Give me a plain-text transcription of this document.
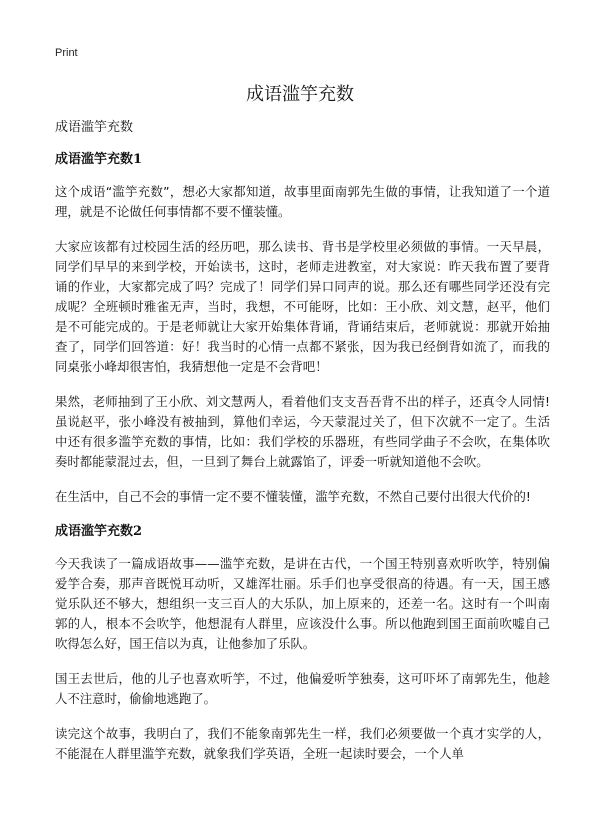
Print
成语滥竽充数

成语滥竽充数

成语滥竽充数1

这个成语“滥竽充数”，想必大家都知道，故事里面南郭先生做的事情，让我知道了一个道理，就是不论做任何事情都不要不懂装懂。

大家应该都有过校园生活的经历吧，那么读书、背书是学校里必须做的事情。一天早晨，同学们早早的来到学校，开始读书，这时，老师走进教室，对大家说：昨天我布置了要背诵的作业，大家都完成了吗？完成了！同学们异口同声的说。那么还有哪些同学还没有完成呢？全班顿时雅雀无声，当时，我想，不可能呀，比如：王小欣、刘文慧，赵平，他们是不可能完成的。于是老师就让大家开始集体背诵，背诵结束后，老师就说：那就开始抽查了，同学们回答道：好！我当时的心情一点都不紧张，因为我已经倒背如流了，而我的同桌张小峰却很害怕，我猜想他一定是不会背吧！

果然，老师抽到了王小欣、刘文慧两人，看着他们支支吾吾背不出的样子，还真令人同情!虽说赵平，张小峰没有被抽到，算他们幸运，今天蒙混过关了，但下次就不一定了。生活中还有很多滥竽充数的事情，比如：我们学校的乐器班，有些同学曲子不会吹，在集体吹奏时都能蒙混过去，但，一旦到了舞台上就露馅了，评委一听就知道他不会吹。

在生活中，自己不会的事情一定不要不懂装懂，滥竽充数，不然自己要付出很大代价的!

成语滥竽充数2

今天我读了一篇成语故事——滥竽充数，是讲在古代，一个国王特别喜欢听吹竽，特别偏爱竽合奏，那声音既悦耳动听，又雄浑壮丽。乐手们也享受很高的待遇。有一天，国王感觉乐队还不够大，想组织一支三百人的大乐队，加上原来的，还差一名。这时有一个叫南郭的人，根本不会吹竽，他想混有人群里，应该没什么事。所以他跑到国王面前吹嘘自己吹得怎么好，国王信以为真，让他参加了乐队。

国王去世后，他的儿子也喜欢听竽，不过，他偏爱听竽独奏，这可吓坏了南郭先生，他趁人不注意时，偷偷地逃跑了。

读完这个故事，我明白了，我们不能象南郭先生一样，我们必须要做一个真才实学的人，不能混在人群里滥竽充数，就象我们学英语，全班一起读时要会，一个人单
